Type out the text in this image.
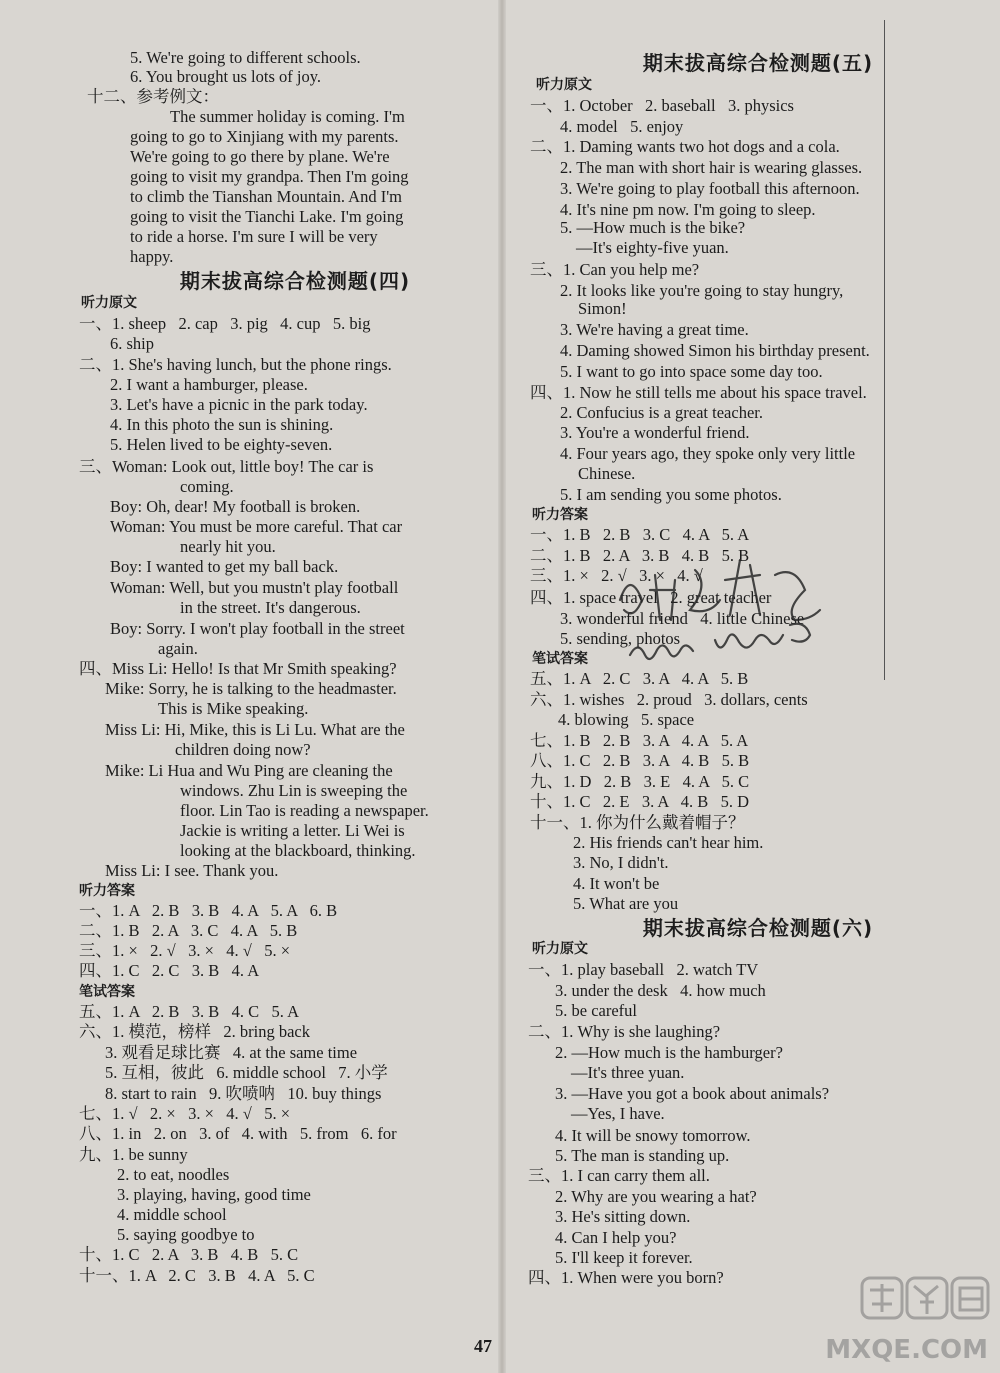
5. We're going to different schools.
6. You brought us lots of joy.
十二、参考例文：
The summer holiday is coming. I'm
going to go to Xinjiang with my parents.
We're going to go there by plane. We're
going to visit my grandpa. Then I'm going
to climb the Tianshan Mountain. And I'm
going to visit the Tianchi Lake. I'm going
to ride a horse. I'm sure I will be very
happy.
期末拔高综合检测题(四)
听力原文
一、1. sheep   2. cap   3. pig   4. cup   5. big
6. ship
二、1. She's having lunch, but the phone rings.
2. I want a hamburger, please.
3. Let's have a picnic in the park today.
4. In this photo the sun is shining.
5. Helen lived to be eighty-seven.
三、Woman: Look out, little boy! The car is
coming.
Boy: Oh, dear! My football is broken.
Woman: You must be more careful. That car
nearly hit you.
Boy: I wanted to get my ball back.
Woman: Well, but you mustn't play football
in the street. It's dangerous.
Boy: Sorry. I won't play football in the street
again.
四、Miss Li: Hello! Is that Mr Smith speaking?
Mike: Sorry, he is talking to the headmaster.
This is Mike speaking.
Miss Li: Hi, Mike, this is Li Lu. What are the
children doing now?
Mike: Li Hua and Wu Ping are cleaning the
windows. Zhu Lin is sweeping the
floor. Lin Tao is reading a newspaper.
Jackie is writing a letter. Li Wei is
looking at the blackboard, thinking.
Miss Li: I see. Thank you.
听力答案
一、1. A   2. B   3. B   4. A   5. A   6. B
二、1. B   2. A   3. C   4. A   5. B
三、1. ×   2. √   3. ×   4. √   5. ×
四、1. C   2. C   3. B   4. A
笔试答案
五、1. A   2. B   3. B   4. C   5. A
六、1. 模范，榜样   2. bring back
3. 观看足球比赛   4. at the same time
5. 互相，彼此   6. middle school   7. 小学
8. start to rain   9. 吹喷呐   10. buy things
七、1. √   2. ×   3. ×   4. √   5. ×
八、1. in   2. on   3. of   4. with   5. from   6. for
九、1. be sunny
2. to eat, noodles
3. playing, having, good time
4. middle school
5. saying goodbye to
十、1. C   2. A   3. B   4. B   5. C
十一、1. A   2. C   3. B   4. A   5. C
期末拔高综合检测题(五)
听力原文
一、1. October   2. baseball   3. physics
4. model   5. enjoy
二、1. Daming wants two hot dogs and a cola.
2. The man with short hair is wearing glasses.
3. We're going to play football this afternoon.
4. It's nine pm now. I'm going to sleep.
5. —How much is the bike?
—It's eighty-five yuan.
三、1. Can you help me?
2. It looks like you're going to stay hungry,
Simon!
3. We're having a great time.
4. Daming showed Simon his birthday present.
5. I want to go into space some day too.
四、1. Now he still tells me about his space travel.
2. Confucius is a great teacher.
3. You're a wonderful friend.
4. Four years ago, they spoke only very little
Chinese.
5. I am sending you some photos.
听力答案
一、1. B   2. B   3. C   4. A   5. A
二、1. B   2. A   3. B   4. B   5. B
三、1. ×   2. √   3. ×   4. √
四、1. space travel   2. great teacher
3. wonderful friend   4. little Chinese
5. sending, photos
笔试答案
五、1. A   2. C   3. A   4. A   5. B
六、1. wishes   2. proud   3. dollars, cents
4. blowing   5. space
七、1. B   2. B   3. A   4. A   5. A
八、1. C   2. B   3. A   4. B   5. B
九、1. D   2. B   3. E   4. A   5. C
十、1. C   2. E   3. A   4. B   5. D
十一、1. 你为什么戴着帽子？
2. His friends can't hear him.
3. No, I didn't.
4. It won't be
5. What are you
期末拔高综合检测题(六)
听力原文
一、1. play baseball   2. watch TV
3. under the desk   4. how much
5. be careful
二、1. Why is she laughing?
2. —How much is the hamburger?
—It's three yuan.
3. —Have you got a book about animals?
—Yes, I have.
4. It will be snowy tomorrow.
5. The man is standing up.
三、1. I can carry them all.
2. Why are you wearing a hat?
3. He's sitting down.
4. Can I help you?
5. I'll keep it forever.
四、1. When were you born?
47	MXQE.COM
